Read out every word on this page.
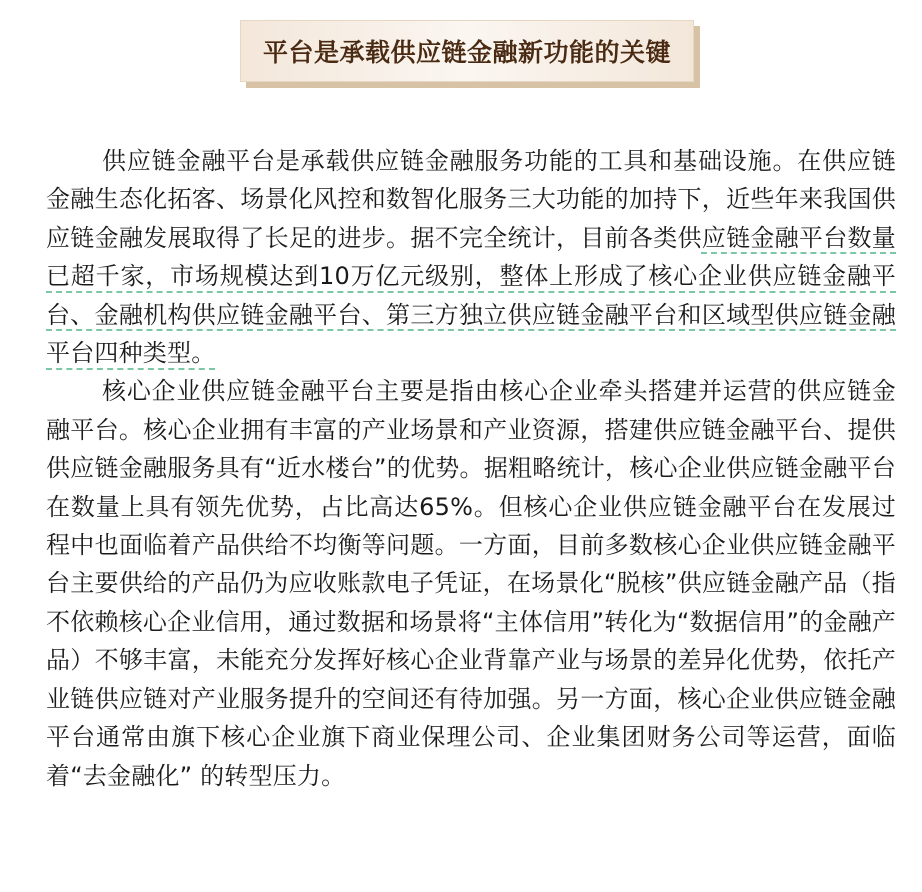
平台是承载供应链金融新功能的关键

供应链金融平台是承载供应链金融服务功能的工具和基础设施。在供应链金融生态化拓客、场景化风控和数智化服务三大功能的加持下，近些年来我国供应链金融发展取得了长足的进步。据不完全统计，目前各类供应链金融平台数量已超千家，市场规模达到10万亿元级别，整体上形成了核心企业供应链金融平台、金融机构供应链金融平台、第三方独立供应链金融平台和区域型供应链金融平台四种类型。

核心企业供应链金融平台主要是指由核心企业牵头搭建并运营的供应链金融平台。核心企业拥有丰富的产业场景和产业资源，搭建供应链金融平台、提供供应链金融服务具有“近水楼台”的优势。据粗略统计，核心企业供应链金融平台在数量上具有领先优势，占比高达65%。但核心企业供应链金融平台在发展过程中也面临着产品供给不均衡等问题。一方面，目前多数核心企业供应链金融平台主要供给的产品仍为应收账款电子凭证，在场景化“脱核”供应链金融产品（指不依赖核心企业信用，通过数据和场景将“主体信用”转化为“数据信用”的金融产品）不够丰富，未能充分发挥好核心企业背靠产业与场景的差异化优势，依托产业链供应链对产业服务提升的空间还有待加强。另一方面，核心企业供应链金融平台通常由旗下核心企业旗下商业保理公司、企业集团财务公司等运营，面临着“去金融化” 的转型压力。
